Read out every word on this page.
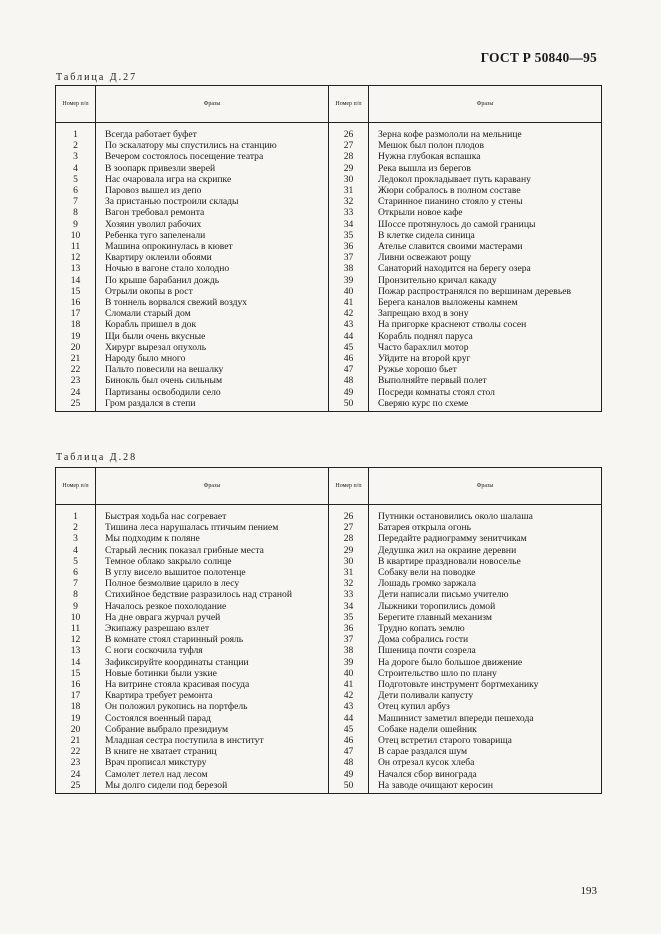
ГОСТ Р 50840—95
Таблица Д.27
Номер п/п	Фразы	Номер п/п	Фразы

1	Всегда работает буфет	26	Зерна кофе размололи на мельнице
2	По эскалатору мы спустились на станцию	27	Мешок был полон плодов
3	Вечером состоялось посещение театра	28	Нужна глубокая вспашка
4	В зоопарк привезли зверей	29	Река вышла из берегов
5	Нас очаровала игра на скрипке	30	Ледокол прокладывает путь каравану
6	Паровоз вышел из депо	31	Жюри собралось в полном составе
7	За пристанью построили склады	32	Старинное пианино стояло у стены
8	Вагон требовал ремонта	33	Открыли новое кафе
9	Хозяин уволил рабочих	34	Шоссе протянулось до самой границы
10	Ребенка туго запеленали	35	В клетке сидела синица
11	Машина опрокинулась в кювет	36	Ателье славится своими мастерами
12	Квартиру оклеили обоями	37	Ливни освежают рощу
13	Ночью в вагоне стало холодно	38	Санаторий находится на берегу озера
14	По крыше барабанил дождь	39	Пронзительно кричал какаду
15	Отрыли окопы в рост	40	Пожар распространялся по вершинам деревьев
16	В тоннель ворвался свежий воздух	41	Берега каналов выложены камнем
17	Сломали старый дом	42	Запрещаю вход в зону
18	Корабль пришел в док	43	На пригорке краснеют стволы сосен
19	Щи были очень вкусные	44	Корабль поднял паруса
20	Хирург вырезал опухоль	45	Часто барахлил мотор
21	Народу было много	46	Уйдите на второй круг
22	Пальто повесили на вешалку	47	Ружье хорошо бьет
23	Бинокль был очень сильным	48	Выполняйте первый полет
24	Партизаны освободили село	49	Посреди комнаты стоял стол
25	Гром раздался в степи	50	Сверяю курс по схеме
Таблица Д.28
Номер п/п	Фразы	Номер п/п	Фразы

1	Быстрая ходьба нас согревает	26	Путники остановились около шалаша
2	Тишина леса нарушалась птичьим пением	27	Батарея открыла огонь
3	Мы подходим к поляне	28	Передайте радиограмму зенитчикам
4	Старый лесник показал грибные места	29	Дедушка жил на окраине деревни
5	Темное облако закрыло солнце	30	В квартире праздновали новоселье
6	В углу висело вышитое полотенце	31	Собаку вели на поводке
7	Полное безмолвие царило в лесу	32	Лошадь громко заржала
8	Стихийное бедствие разразилось над страной	33	Дети написали письмо учителю
9	Началось резкое похолодание	34	Лыжники торопились домой
10	На дне оврага журчал ручей	35	Берегите главный механизм
11	Экипажу разрешаю взлет	36	Трудно копать землю
12	В комнате стоял старинный рояль	37	Дома собрались гости
13	С ноги соскочила туфля	38	Пшеница почти созрела
14	Зафиксируйте координаты станции	39	На дороге было большое движение
15	Новые ботинки были узкие	40	Строительство шло по плану
16	На витрине стояла красивая посуда	41	Подготовьте инструмент бортмеханику
17	Квартира требует ремонта	42	Дети поливали капусту
18	Он положил рукопись на портфель	43	Отец купил арбуз
19	Состоялся военный парад	44	Машинист заметил впереди пешехода
20	Собрание выбрало президиум	45	Собаке надели ошейник
21	Младшая сестра поступила в институт	46	Отец встретил старого товарища
22	В книге не хватает страниц	47	В сарае раздался шум
23	Врач прописал микстуру	48	Он отрезал кусок хлеба
24	Самолет летел над лесом	49	Начался сбор винограда
25	Мы долго сидели под березой	50	На заводе очищают керосин
193
